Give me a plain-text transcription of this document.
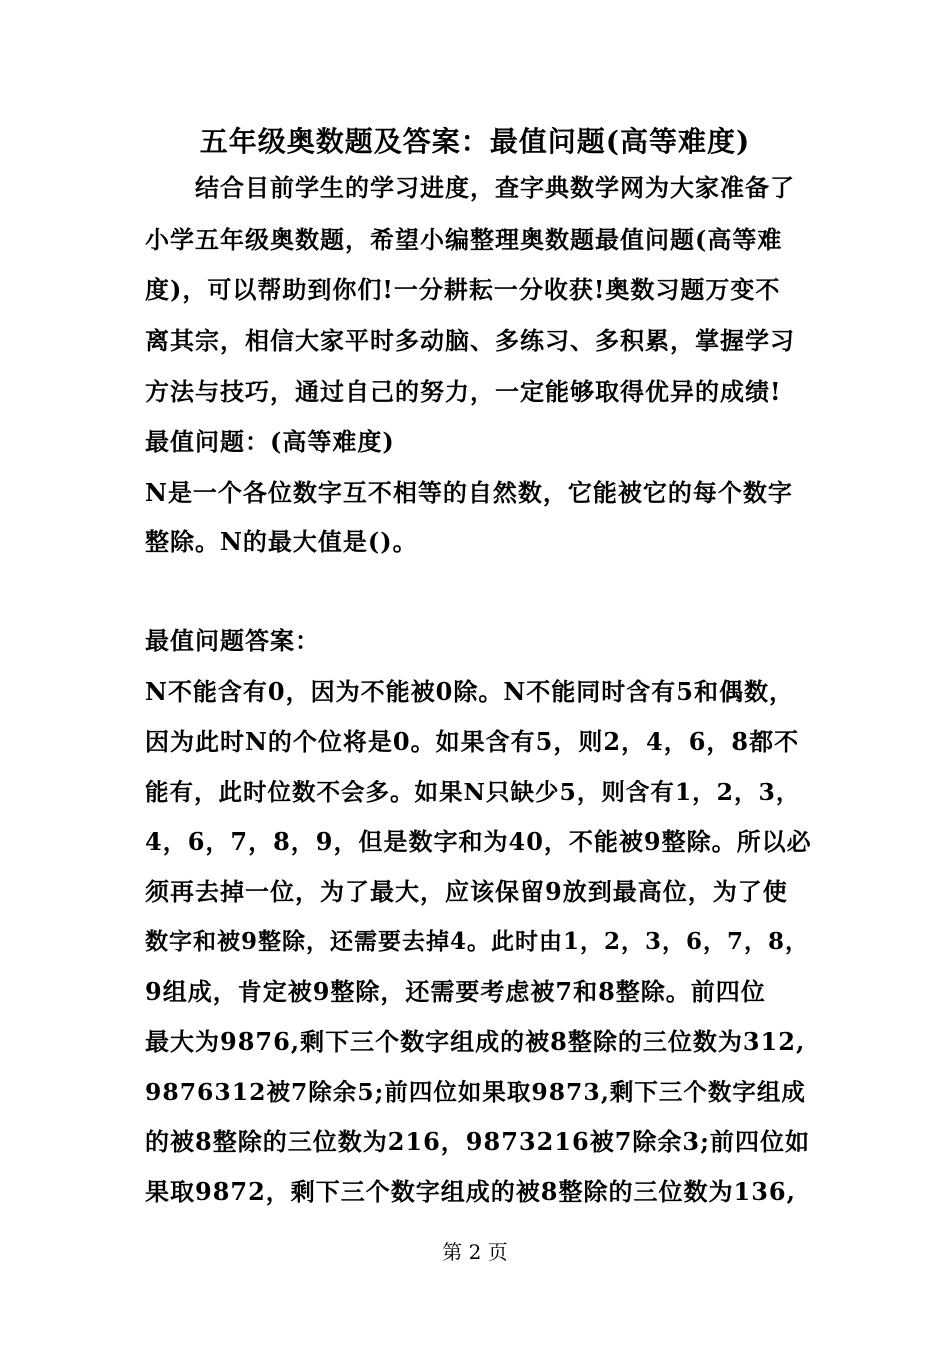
五年级奥数题及答案：最值问题(高等难度)
结合目前学生的学习进度，查字典数学网为大家准备了
小学五年级奥数题，希望小编整理奥数题最值问题(高等难
度)，可以帮助到你们!一分耕耘一分收获!奥数习题万变不
离其宗，相信大家平时多动脑、多练习、多积累，掌握学习
方法与技巧，通过自己的努力，一定能够取得优异的成绩!
最值问题：(高等难度)
N是一个各位数字互不相等的自然数，它能被它的每个数字
整除。N的最大值是()。
最值问题答案：
N不能含有0，因为不能被0除。N不能同时含有5和偶数，
因为此时N的个位将是0。如果含有5，则2，4，6，8都不
能有，此时位数不会多。如果N只缺少5，则含有1，2，3，
4，6，7，8，9，但是数字和为40，不能被9整除。所以必
须再去掉一位，为了最大，应该保留9放到最高位，为了使
数字和被9整除，还需要去掉4。此时由1，2，3，6，7，8，
9组成，肯定被9整除，还需要考虑被7和8整除。前四位
最大为9876,剩下三个数字组成的被8整除的三位数为312,
9876312被7除余5;前四位如果取9873,剩下三个数字组成
的被8整除的三位数为216，9873216被7除余3;前四位如
果取9872，剩下三个数字组成的被8整除的三位数为136,
第 2 页
